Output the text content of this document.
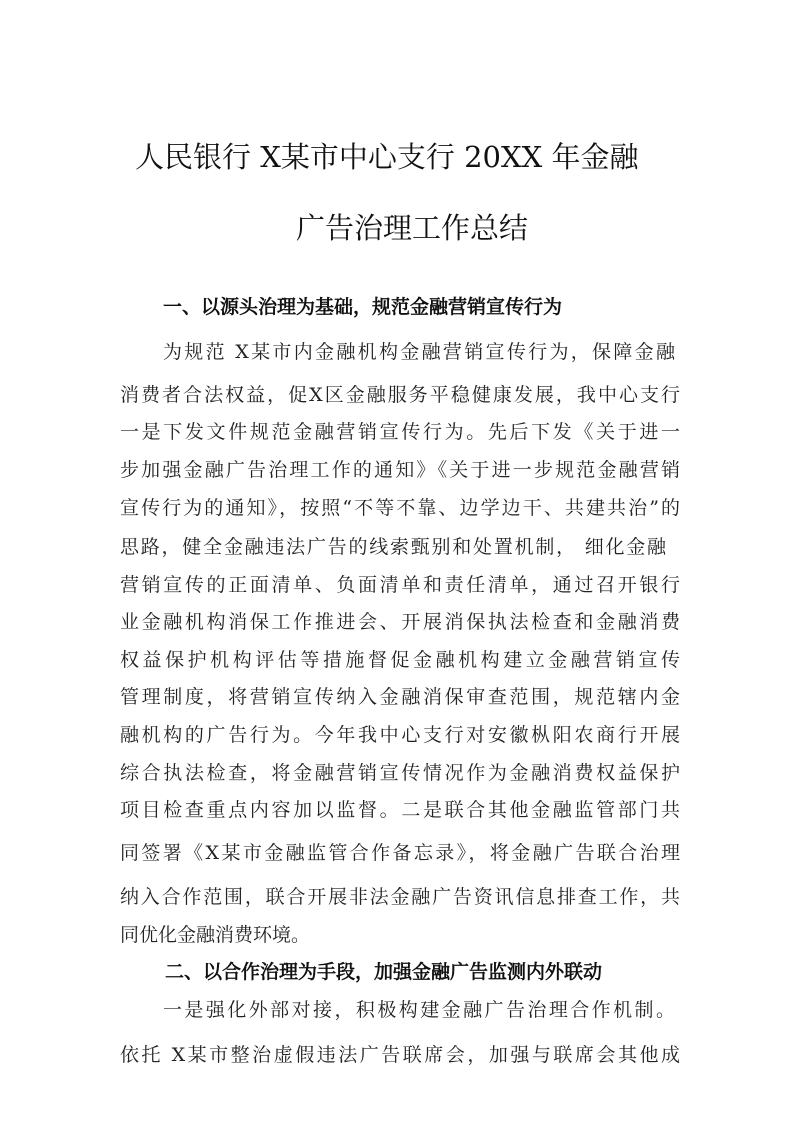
人民银行 X某市中心支行 20XX 年金融
广告治理工作总结
一、以源头治理为基础，规范金融营销宣传行为
为规范 X某市内金融机构金融营销宣传行为，保障金融
消费者合法权益，促X区金融服务平稳健康发展，我中心支行
一是下发文件规范金融营销宣传行为。先后下发《关于进一
步加强金融广告治理工作的通知》《关于进一步规范金融营销
宣传行为的通知》，按照“不等不靠、边学边干、共建共治”的
思路，健全金融违法广告的线索甄别和处置机制， 细化金融
营销宣传的正面清单、负面清单和责任清单，通过召开银行
业金融机构消保工作推进会、开展消保执法检查和金融消费
权益保护机构评估等措施督促金融机构建立金融营销宣传
管理制度，将营销宣传纳入金融消保审查范围，规范辖内金
融机构的广告行为。今年我中心支行对安徽枞阳农商行开展
综合执法检查，将金融营销宣传情况作为金融消费权益保护
项目检查重点内容加以监督。二是联合其他金融监管部门共
同签署《X某市金融监管合作备忘录》，将金融广告联合治理
纳入合作范围，联合开展非法金融广告资讯信息排查工作，共
同优化金融消费环境。
二、以合作治理为手段，加强金融广告监测内外联动
一是强化外部对接，积极构建金融广告治理合作机制。
依托 X某市整治虚假违法广告联席会，加强与联席会其他成
